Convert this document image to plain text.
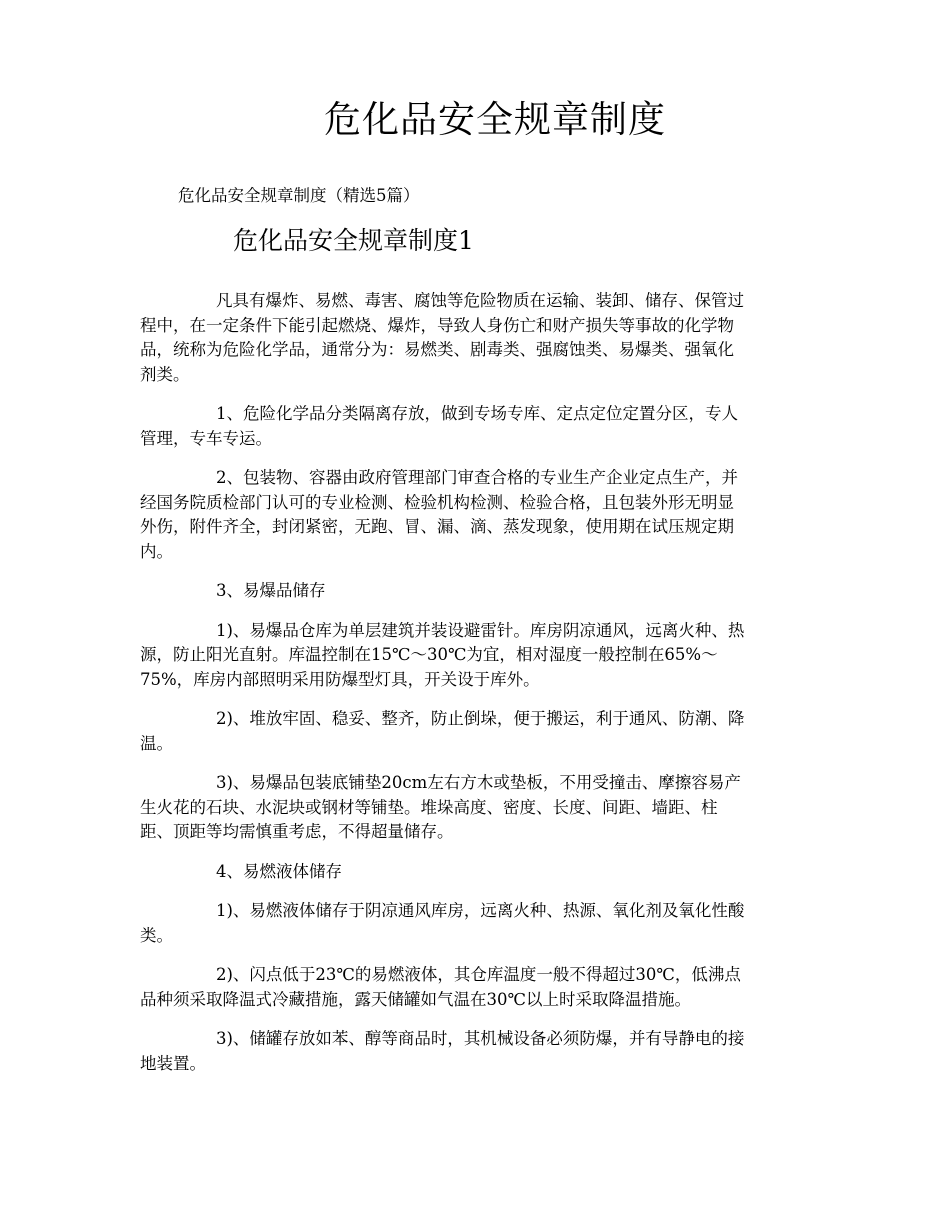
危化品安全规章制度

危化品安全规章制度（精选5篇）

危化品安全规章制度1

凡具有爆炸、易燃、毒害、腐蚀等危险物质在运输、装卸、储存、保管过
程中，在一定条件下能引起燃烧、爆炸，导致人身伤亡和财产损失等事故的化学物
品，统称为危险化学品，通常分为：易燃类、剧毒类、强腐蚀类、易爆类、强氧化
剂类。

1、危险化学品分类隔离存放，做到专场专库、定点定位定置分区，专人
管理，专车专运。

2、包装物、容器由政府管理部门审查合格的专业生产企业定点生产，并
经国务院质检部门认可的专业检测、检验机构检测、检验合格，且包装外形无明显
外伤，附件齐全，封闭紧密，无跑、冒、漏、滴、蒸发现象，使用期在试压规定期
内。

3、易爆品储存

1)、易爆品仓库为单层建筑并装设避雷针。库房阴凉通风，远离火种、热
源，防止阳光直射。库温控制在15℃～30℃为宜，相对湿度一般控制在65%～
75%，库房内部照明采用防爆型灯具，开关设于库外。

2)、堆放牢固、稳妥、整齐，防止倒垛，便于搬运，利于通风、防潮、降
温。

3)、易爆品包装底铺垫20cm左右方木或垫板，不用受撞击、摩擦容易产
生火花的石块、水泥块或钢材等铺垫。堆垛高度、密度、长度、间距、墙距、柱
距、顶距等均需慎重考虑，不得超量储存。

4、易燃液体储存

1)、易燃液体储存于阴凉通风库房，远离火种、热源、氧化剂及氧化性酸
类。

2)、闪点低于23℃的易燃液体，其仓库温度一般不得超过30℃，低沸点
品种须采取降温式冷藏措施，露天储罐如气温在30℃以上时采取降温措施。

3)、储罐存放如苯、醇等商品时，其机械设备必须防爆，并有导静电的接
地装置。
